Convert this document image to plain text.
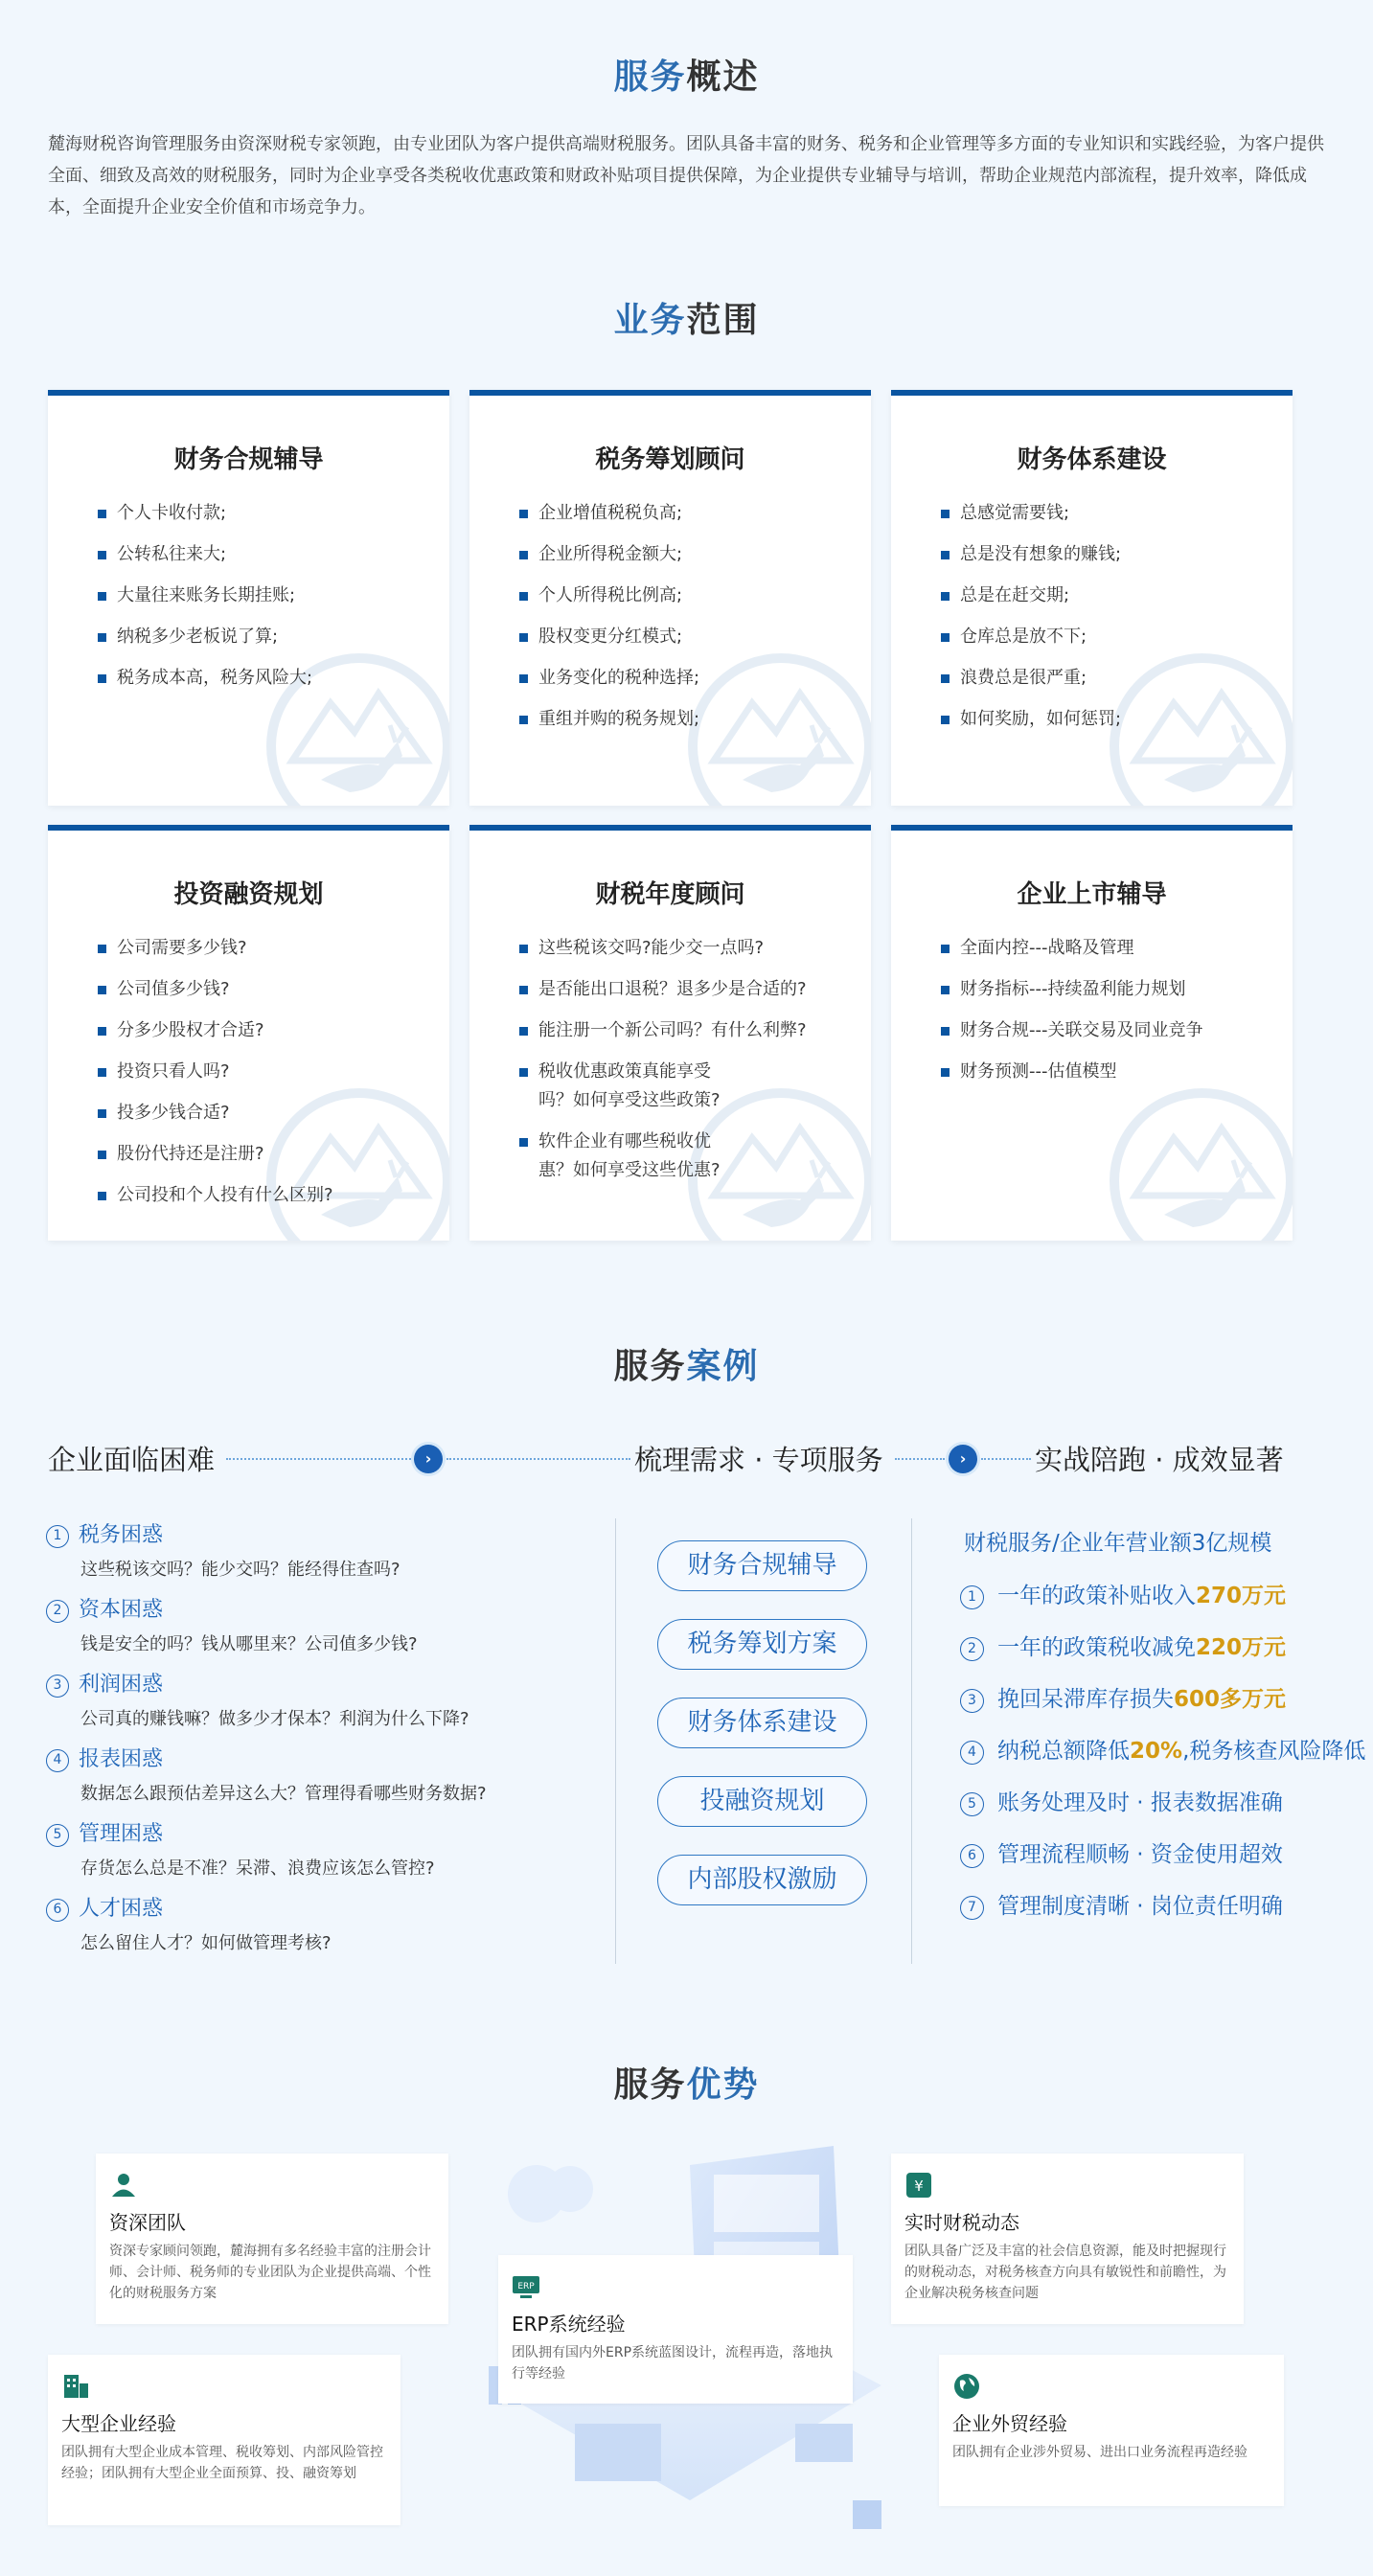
服务概述

麓海财税咨询管理服务由资深财税专家领跑，由专业团队为客户提供高端财税服务。团队具备丰富的财务、税务和企业管理等多方面的专业知识和实践经验，为客户提供全面、细致及高效的财税服务，同时为企业享受各类税收优惠政策和财政补贴项目提供保障，为企业提供专业辅导与培训，帮助企业规范内部流程，提升效率，降低成本，全面提升企业安全价值和市场竞争力。

业务范围
财务合规辅导
个人卡收付款;
公转私往来大;
大量往来账务长期挂账;
纳税多少老板说了算;
税务成本高，税务风险大;
税务筹划顾问
企业增值税税负高;
企业所得税金额大;
个人所得税比例高;
股权变更分红模式;
业务变化的税种选择;
重组并购的税务规划;
财务体系建设
总感觉需要钱;
总是没有想象的赚钱;
总是在赶交期;
仓库总是放不下;
浪费总是很严重;
如何奖励，如何惩罚;
投资融资规划
公司需要多少钱?
公司值多少钱?
分多少股权才合适?
投资只看人吗?
投多少钱合适?
股份代持还是注册?
公司投和个人投有什么区别?
财税年度顾问
这些税该交吗?能少交一点吗?
是否能出口退税？退多少是合适的?
能注册一个新公司吗？有什么利弊?
税收优惠政策真能享受
吗？如何享受这些政策?
软件企业有哪些税收优
惠？如何享受这些优惠?
企业上市辅导
全面内控---战略及管理
财务指标---持续盈利能力规划
财务合规---关联交易及同业竞争
财务预测---估值模型
服务案例
企业面临困难	›	梳理需求 · 专项服务	›	实战陪跑 · 成效显著
1 税务困惑
这些税该交吗？能少交吗？能经得住查吗?
2 资本困惑
钱是安全的吗？钱从哪里来？公司值多少钱?
3 利润困惑
公司真的赚钱嘛？做多少才保本？利润为什么下降?
4 报表困惑
数据怎么跟预估差异这么大？管理得看哪些财务数据?
5 管理困惑
存货怎么总是不准？呆滞、浪费应该怎么管控?
6 人才困惑
怎么留住人才？如何做管理考核?
财务合规辅导
税务筹划方案
财务体系建设
投融资规划
内部股权激励
财税服务/企业年营业额3亿规模
1 一年的政策补贴收入270万元
2 一年的政策税收减免220万元
3 挽回呆滞库存损失600多万元
4 纳税总额降低20%,税务核查风险降低
5 账务处理及时 · 报表数据准确
6 管理流程顺畅 · 资金使用超效
7 管理制度清晰 · 岗位责任明确
服务优势
资深团队
资深专家顾问领跑，麓海拥有多名经验丰富的注册会计师、会计师、税务师的专业团队为企业提供高端、个性化的财税服务方案
¥
实时财税动态
团队具备广泛及丰富的社会信息资源，能及时把握现行的财税动态，对税务核查方向具有敏锐性和前瞻性，为企业解决税务核查问题
ERP
ERP系统经验
团队拥有国内外ERP系统蓝图设计，流程再造，落地执行等经验
大型企业经验
团队拥有大型企业成本管理、税收筹划、内部风险管控经验；团队拥有大型企业全面预算、投、融资筹划
企业外贸经验
团队拥有企业涉外贸易、进出口业务流程再造经验
